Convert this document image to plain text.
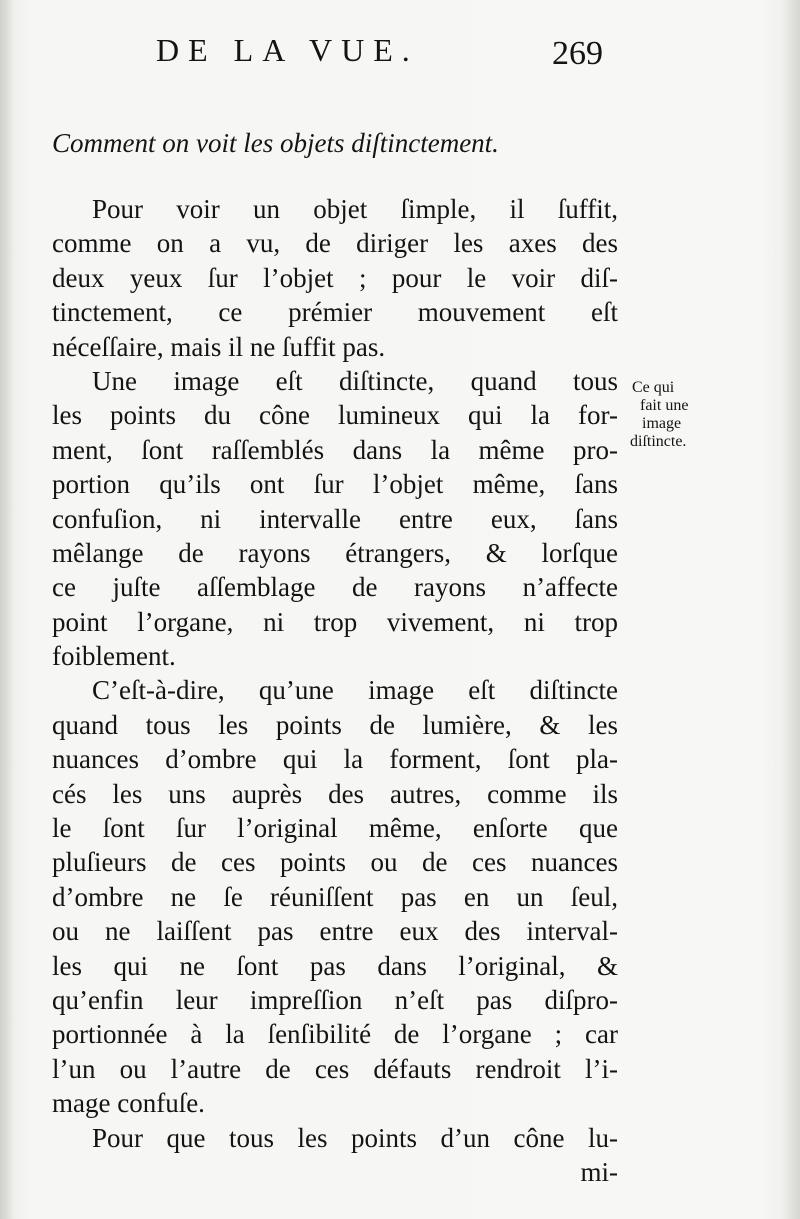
DE LA VUE.	269
Comment on voit les objets diſtinctement.
Pour voir un objet ſimple, il ſuffit,
comme on a vu, de diriger les axes des
deux yeux ſur l’objet ; pour le voir diſ-
tinctement, ce prémier mouvement eſt
néceſſaire, mais il ne ſuffit pas.
Une image eſt diſtincte, quand tous
les points du cône lumineux qui la for-
ment, ſont raſſemblés dans la même pro-
portion qu’ils ont ſur l’objet même, ſans
confuſion, ni intervalle entre eux, ſans
mêlange de rayons étrangers, & lorſque
ce juſte aſſemblage de rayons n’affecte
point l’organe, ni trop vivement, ni trop
foiblement.
C’eſt-à-dire, qu’une image eſt diſtincte
quand tous les points de lumière, & les
nuances d’ombre qui la forment, ſont pla-
cés les uns auprès des autres, comme ils
le ſont ſur l’original même, enſorte que
pluſieurs de ces points ou de ces nuances
d’ombre ne ſe réuniſſent pas en un ſeul,
ou ne laiſſent pas entre eux des interval-
les qui ne ſont pas dans l’original, &
qu’enfin leur impreſſion n’eſt pas diſpro-
portionnée à la ſenſibilité de l’organe ; car
l’un ou l’autre de ces défauts rendroit l’i-
mage confuſe.
Pour que tous les points d’un cône lu-
mi-
Ce qui
fait une
image
diſtincte.
